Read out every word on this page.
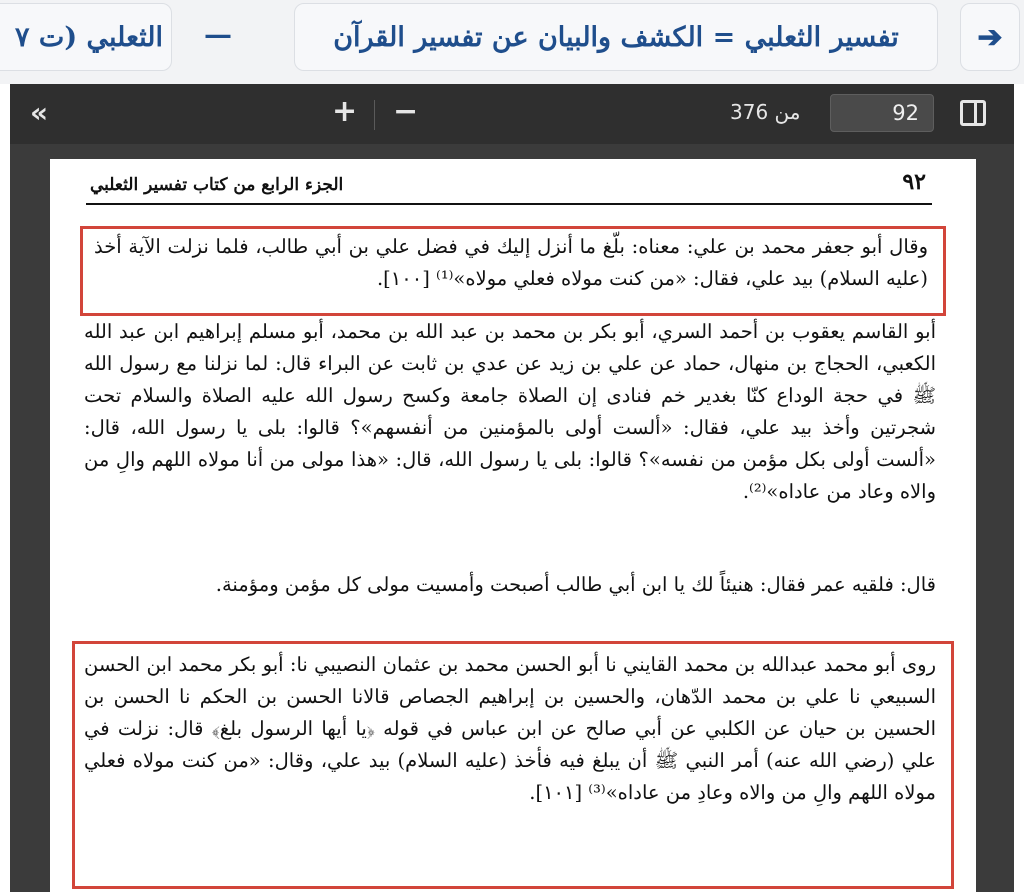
➔
تفسير الثعلبي = الكشف والبيان عن تفسير القرآن
—
الثعلبي (ت ٧
«	+ −	من 376	92
٩٢
الجزء الرابع من كتاب تفسير الثعلبي
وقال أبو جعفر محمد بن علي: معناه: بلّغ ما أنزل إليك في فضل علي بن أبي طالب، فلما نزلت الآية أخذ (عليه السلام) بيد علي، فقال: «من كنت مولاه فعلي مولاه»⁽¹⁾ [١٠٠].
أبو القاسم يعقوب بن أحمد السري، أبو بكر بن محمد بن عبد الله بن محمد، أبو مسلم إبراهيم ابن عبد الله الكعبي، الحجاج بن منهال، حماد عن علي بن زيد عن عدي بن ثابت عن البراء قال: لما نزلنا مع رسول الله ﷺ في حجة الوداع كنّا بغدير خم فنادى إن الصلاة جامعة وكسح رسول الله عليه الصلاة والسلام تحت شجرتين وأخذ بيد علي، فقال: «ألست أولى بالمؤمنين من أنفسهم»؟ قالوا: بلى يا رسول الله، قال: «ألست أولى بكل مؤمن من نفسه»؟ قالوا: بلى يا رسول الله، قال: «هذا مولى من أنا مولاه اللهم والِ من والاه وعاد من عاداه»⁽²⁾.
قال: فلقيه عمر فقال: هنيئاً لك يا ابن أبي طالب أصبحت وأمسيت مولى كل مؤمن ومؤمنة.
روى أبو محمد عبدالله بن محمد القايني نا أبو الحسن محمد بن عثمان النصيبي نا: أبو بكر محمد ابن الحسن السبيعي نا علي بن محمد الدّهان، والحسين بن إبراهيم الجصاص قالانا الحسن بن الحكم نا الحسن بن الحسين بن حيان عن الكلبي عن أبي صالح عن ابن عباس في قوله ﴿يا أيها الرسول بلغ﴾ قال: نزلت في علي (رضي الله عنه) أمر النبي ﷺ أن يبلغ فيه فأخذ (عليه السلام) بيد علي، وقال: «من كنت مولاه فعلي مولاه اللهم والِ من والاه وعادِ من عاداه»⁽³⁾ [١٠١].
